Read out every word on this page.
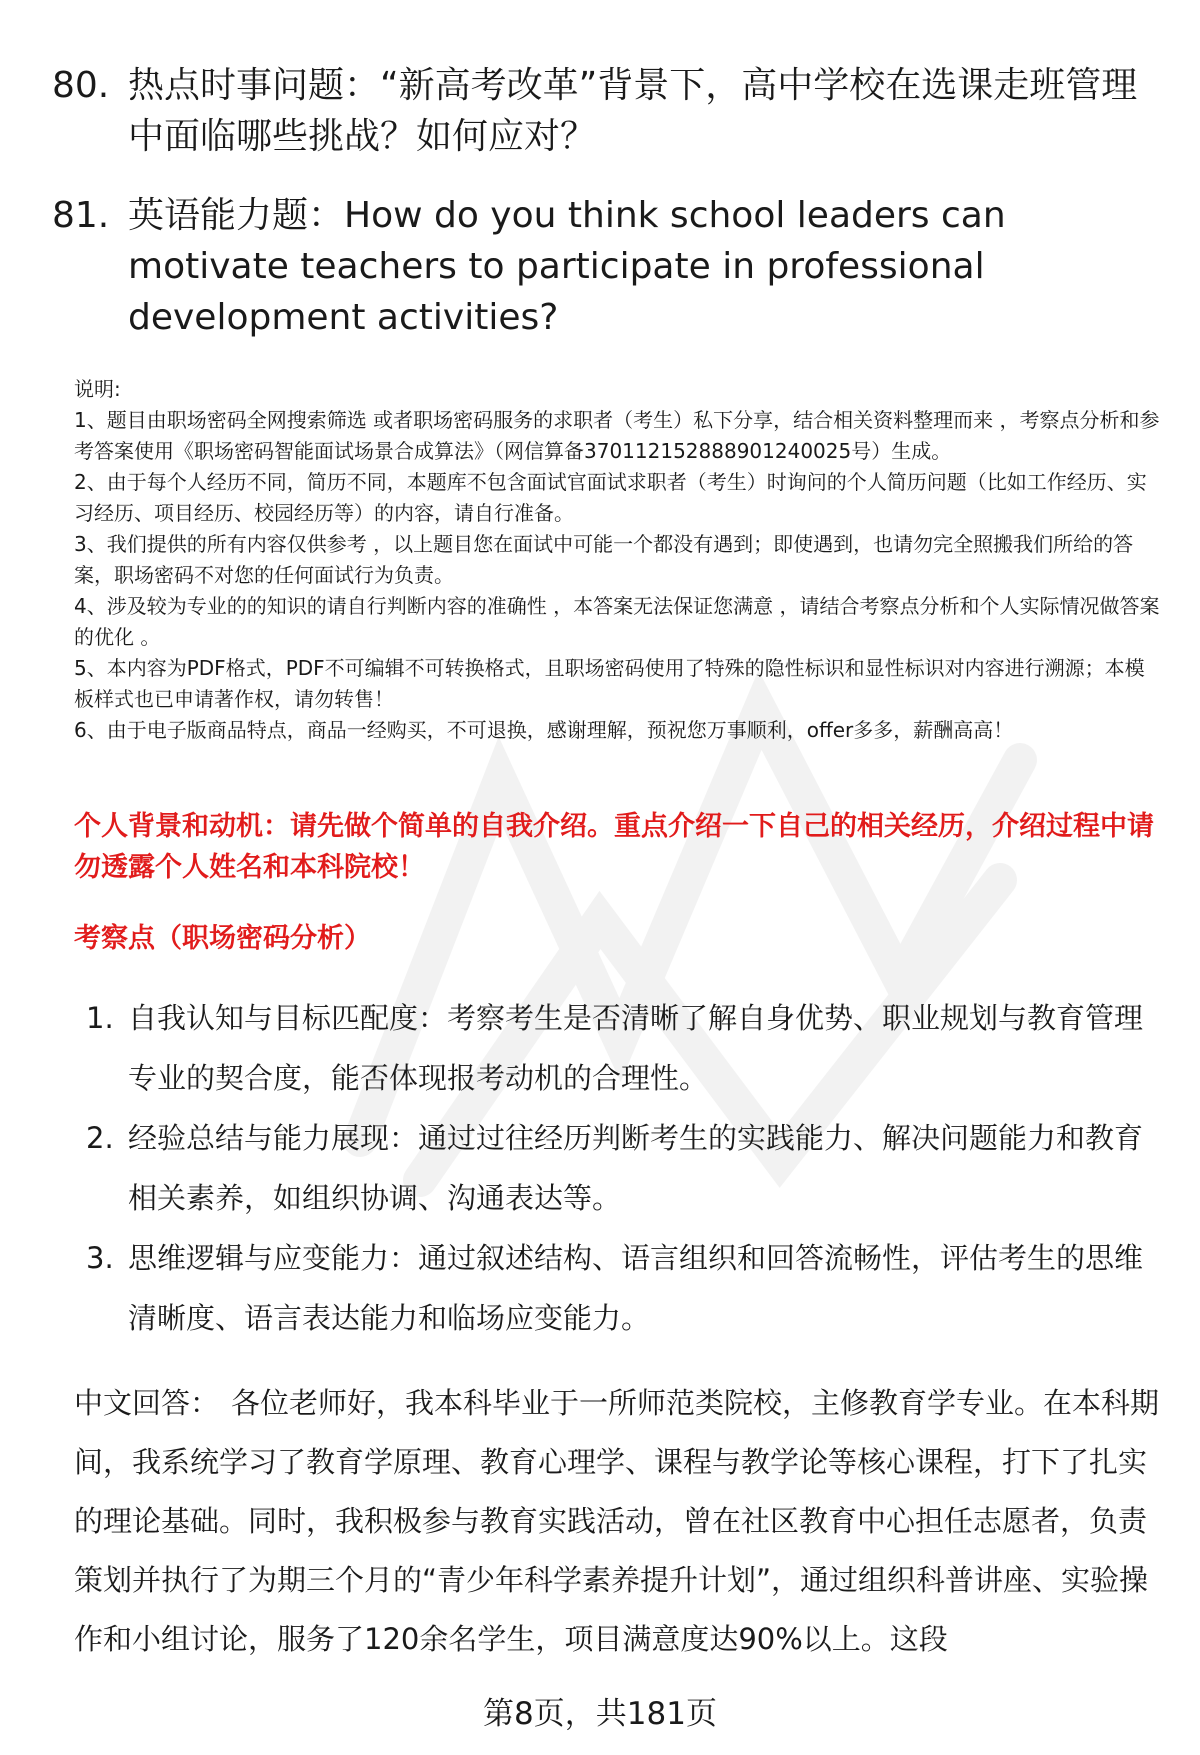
80. 热点时事问题：“新高考改革”背景下，高中学校在选课走班管理中面临哪些挑战？如何应对？
81. 英语能力题：How do you think school leaders can motivate teachers to participate in professional development activities?

说明:

1、题目由职场密码全网搜索筛选 或者职场密码服务的求职者（考生）私下分享，结合相关资料整理而来 ，考察点分析和参考答案使用《职场密码智能面试场景合成算法》（网信算备370112152888901240025号）生成。

2、由于每个人经历不同，简历不同，本题库不包含面试官面试求职者（考生）时询问的个人简历问题（比如工作经历、实习经历、项目经历、校园经历等）的内容，请自行准备。

3、我们提供的所有内容仅供参考 ，以上题目您在面试中可能一个都没有遇到；即使遇到，也请勿完全照搬我们所给的答案，职场密码不对您的任何面试行为负责。

4、涉及较为专业的的知识的请自行判断内容的准确性 ，本答案无法保证您满意 ，请结合考察点分析和个人实际情况做答案的优化 。

5、本内容为PDF格式，PDF不可编辑不可转换格式，且职场密码使用了特殊的隐性标识和显性标识对内容进行溯源；本模板样式也已申请著作权，请勿转售！

6、由于电子版商品特点，商品一经购买，不可退换，感谢理解，预祝您万事顺利，offer多多，薪酬高高！

个人背景和动机：请先做个简单的自我介绍。重点介绍一下自己的相关经历，介绍过程中请勿透露个人姓名和本科院校！
考察点（职场密码分析）
1. 自我认知与目标匹配度：考察考生是否清晰了解自身优势、职业规划与教育管理专业的契合度，能否体现报考动机的合理性。
2. 经验总结与能力展现：通过过往经历判断考生的实践能力、解决问题能力和教育相关素养，如组织协调、沟通表达等。
3. 思维逻辑与应变能力：通过叙述结构、语言组织和回答流畅性，评估考生的思维清晰度、语言表达能力和临场应变能力。

中文回答： 各位老师好，我本科毕业于一所师范类院校，主修教育学专业。在本科期间，我系统学习了教育学原理、教育心理学、课程与教学论等核心课程，打下了扎实的理论基础。同时，我积极参与教育实践活动，曾在社区教育中心担任志愿者，负责策划并执行了为期三个月的“青少年科学素养提升计划”，通过组织科普讲座、实验操作和小组讨论，服务了120余名学生，项目满意度达90%以上。这段

第8页，共181页
